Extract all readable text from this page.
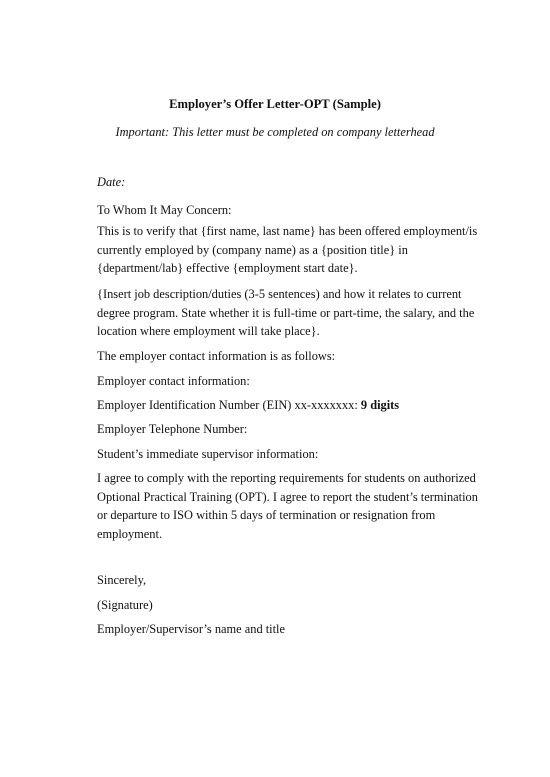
Employer’s Offer Letter-OPT (Sample)
Important: This letter must be completed on company letterhead
Date:
To Whom It May Concern:
This is to verify that {first name, last name} has been offered employment/is
currently employed by (company name) as a {position title} in
{department/lab} effective {employment start date}.
{Insert job description/duties (3-5 sentences) and how it relates to current
degree program. State whether it is full-time or part-time, the salary, and the
location where employment will take place}.
The employer contact information is as follows:
Employer contact information:
Employer Identification Number (EIN) xx-xxxxxxx: 9 digits
Employer Telephone Number:
Student’s immediate supervisor information:
I agree to comply with the reporting requirements for students on authorized
Optional Practical Training (OPT). I agree to report the student’s termination
or departure to ISO within 5 days of termination or resignation from
employment.
Sincerely,
(Signature)
Employer/Supervisor’s name and title
